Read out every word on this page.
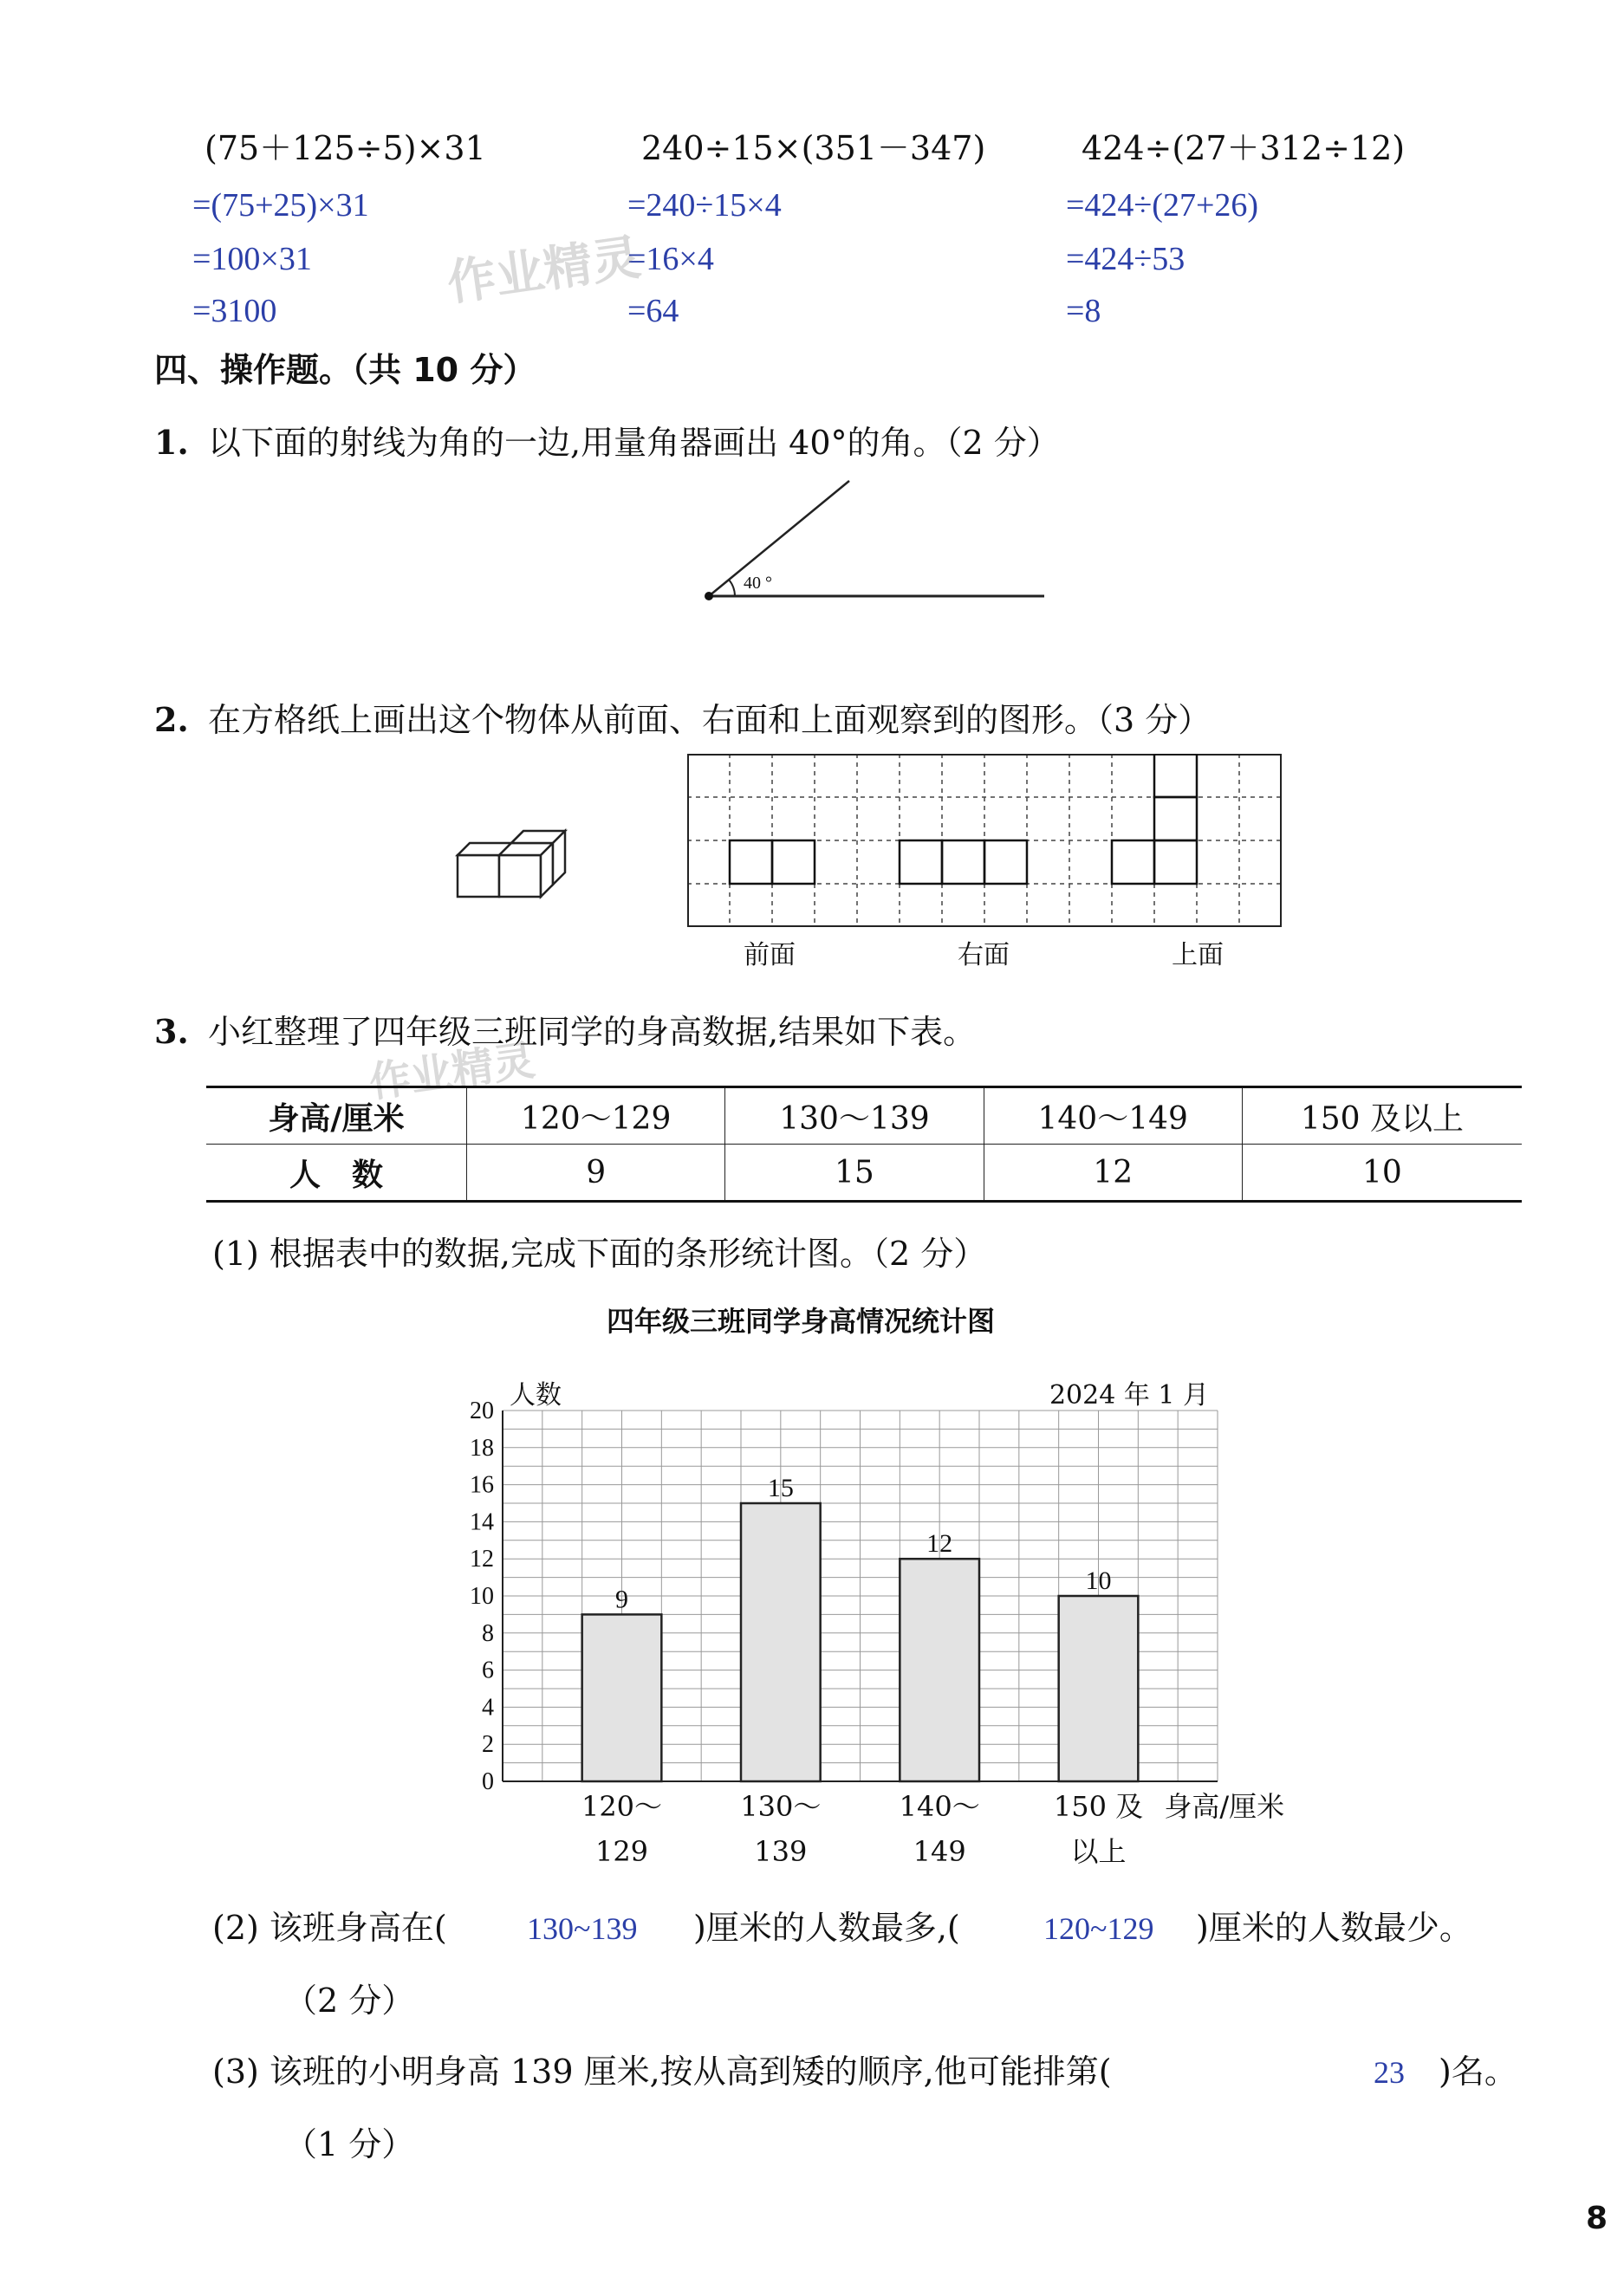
(75＋125÷5)×31	240÷15×(351－347)	424÷(27＋312÷12)
=(75+25)×31
=100×31
=3100
=240÷15×4
=16×4
=64
=424÷(27+26)
=424÷53
=8
作业精灵
作业精灵
四、操作题。（共 10 分）
1. 以下面的射线为角的一边,用量角器画出 40°的角。（2 分）
40 °
2. 在方格纸上画出这个物体从前面、右面和上面观察到的图形。（3 分）
前面	右面	上面
3. 小红整理了四年级三班同学的身高数据,结果如下表。
身高/厘米	120～129	130～139	140～149	150 及以上
人　数	9	15	12	10
(1) 根据表中的数据,完成下面的条形统计图。（2 分）
四年级三班同学身高情况统计图
0
2
4
6
8
10
12
14
16
18
20
人数	2024 年 1 月
9
120～
129
15
130～
139
12
140～
149
10
150 及
以上
身高/厘米
(2) 该班身高在(	130~139 )厘米的人数最多,(	120~129 )厘米的人数最少。
（2 分）
(3) 该班的小明身高 139 厘米,按从高到矮的顺序,他可能排第(	23 )名。
（1 分）
8
